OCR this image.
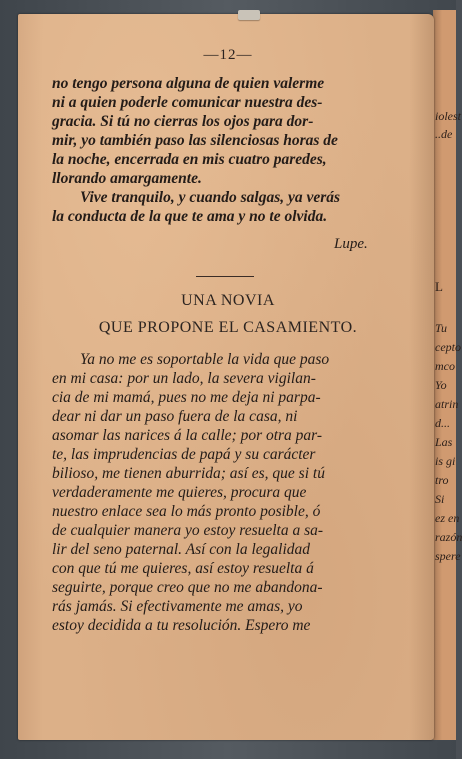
iolest
..de
L
Tu
cepto
mco
Yo
atrin
d...
Las
is gi
tro
Si
ez en
razón
spere
—12—
no tengo persona alguna de quien valerme
ni a quien poderle comunicar nuestra des-
gracia. Si tú no cierras los ojos para dor-
mir, yo también paso las silenciosas horas de
la noche, encerrada en mis cuatro paredes,
llorando amargamente.
Vive tranquilo, y cuando salgas, ya verás
la conducta de la que te ama y no te olvida.
Lupe.
UNA NOVIA
QUE PROPONE EL CASAMIENTO.
Ya no me es soportable la vida que paso
en mi casa: por un lado, la severa vigilan-
cia de mi mamá, pues no me deja ni parpa-
dear ni dar un paso fuera de la casa, ni
asomar las narices á la calle; por otra par-
te, las imprudencias de papá y su carácter
bilioso, me tienen aburrida; así es, que si tú
verdaderamente me quieres, procura que
nuestro enlace sea lo más pronto posible, ó
de cualquier manera yo estoy resuelta a sa-
lir del seno paternal. Así con la legalidad
con que tú me quieres, así estoy resuelta á
seguirte, porque creo que no me abandona-
rás jamás. Si efectivamente me amas, yo
estoy decidida a tu resolución. Espero me
